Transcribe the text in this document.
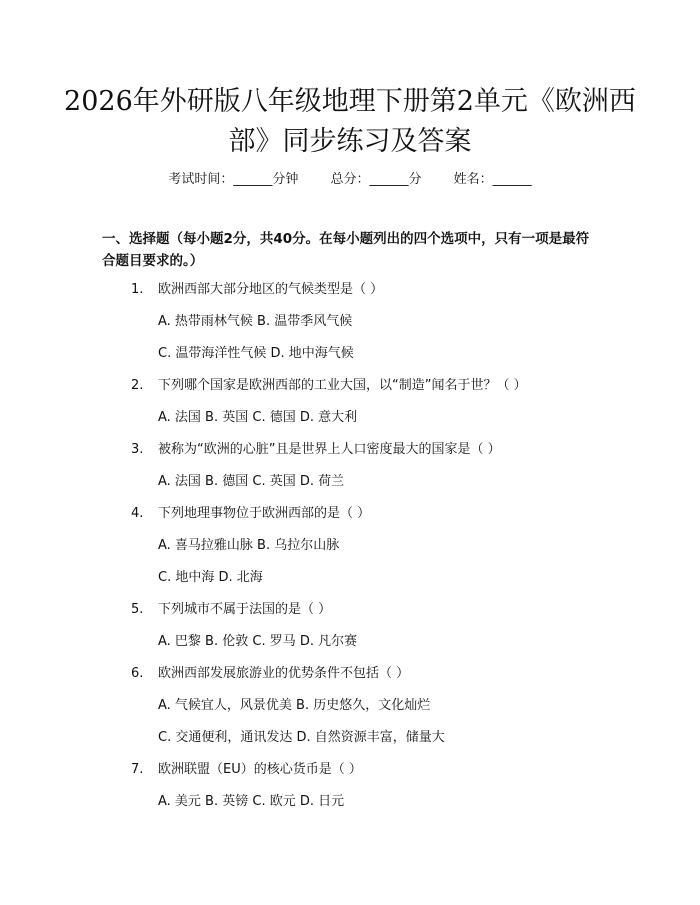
2026年外研版八年级地理下册第2单元《欧洲西部》同步练习及答案
考试时间：______分钟 总分：______分 姓名：______
一、选择题（每小题2分，共40分。在每小题列出的四个选项中，只有一项是最符合题目要求的。）
1. 欧洲西部大部分地区的气候类型是（ ）
A. 热带雨林气候 B. 温带季风气候
C. 温带海洋性气候 D. 地中海气候
2. 下列哪个国家是欧洲西部的工业大国，以“制造”闻名于世？（ ）
A. 法国 B. 英国 C. 德国 D. 意大利
3. 被称为“欧洲的心脏”且是世界上人口密度最大的国家是（ ）
A. 法国 B. 德国 C. 英国 D. 荷兰
4. 下列地理事物位于欧洲西部的是（ ）
A. 喜马拉雅山脉 B. 乌拉尔山脉
C. 地中海 D. 北海
5. 下列城市不属于法国的是（ ）
A. 巴黎 B. 伦敦 C. 罗马 D. 凡尔赛
6. 欧洲西部发展旅游业的优势条件不包括（ ）
A. 气候宜人，风景优美 B. 历史悠久，文化灿烂
C. 交通便利，通讯发达 D. 自然资源丰富，储量大
7. 欧洲联盟（EU）的核心货币是（ ）
A. 美元 B. 英镑 C. 欧元 D. 日元
